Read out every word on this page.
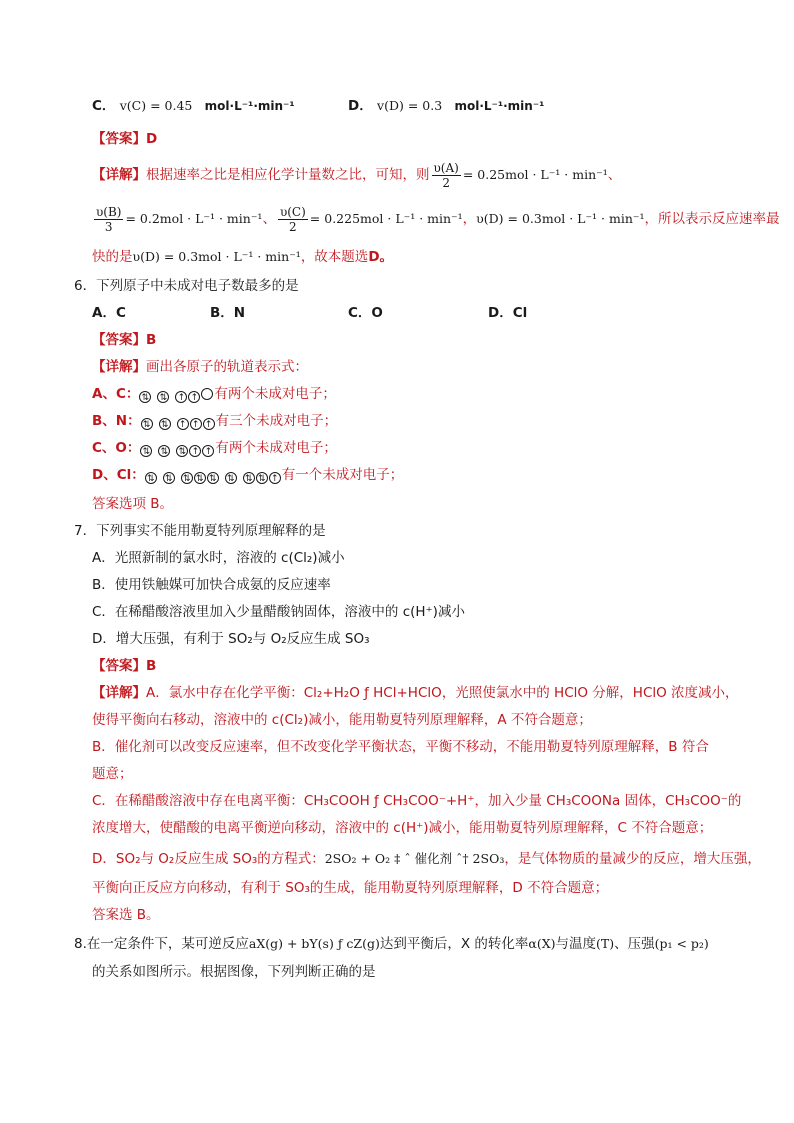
C． v(C) = 0.45 mol·L⁻¹·min⁻¹	D． v(D) = 0.3 mol·L⁻¹·min⁻¹
【答案】D
【详解】根据速率之比是相应化学计量数之比，可知，则 $\frac{\upsilon(A)}{2} = 0.25mol \cdot L^{-1} \cdot \min^{-1}$、
$\frac{\upsilon(B)}{3} = 0.2mol \cdot L^{-1} \cdot \min^{-1}$、 $\frac{\upsilon(C)}{2} = 0.225mol \cdot L^{-1} \cdot \min^{-1}$，υ(D) = 0.3mol · L⁻¹ · min⁻¹，所以表示反应速率最
快的是υ(D) = 0.3mol · L⁻¹ · min⁻¹，故本题选D。
6．下列原子中未成对电子数最多的是
A．C	B．N	C．O	D．Cl
【答案】B
【详解】画出各原子的轨道表示式：
A、C： ⇅ ⇅ ↑ ↑ 有两个未成对电子；
B、N： ⇅ ⇅ ↑ ↑ ↑ 有三个未成对电子；
C、O： ⇅ ⇅ ⇅ ↑ ↑ 有两个未成对电子；
D、Cl： ⇅ ⇅ ⇅ ⇅ ⇅ ⇅ ⇅ ⇅ ↑ 有一个未成对电子；
答案选项 B。
7．下列事实不能用勒夏特列原理解释的是
A．光照新制的氯水时，溶液的 c(Cl₂)减小
B．使用铁触媒可加快合成氨的反应速率
C．在稀醋酸溶液里加入少量醋酸钠固体，溶液中的 c(H⁺)减小
D．增大压强，有利于 SO₂与 O₂反应生成 SO₃
【答案】B
【详解】A．氯水中存在化学平衡：Cl₂+H₂O ƒ HCl+HClO，光照使氯水中的 HClO 分解，HClO 浓度减小，
使得平衡向右移动，溶液中的 c(Cl₂)减小，能用勒夏特列原理解释，A 不符合题意；
B．催化剂可以改变反应速率，但不改变化学平衡状态，平衡不移动，不能用勒夏特列原理解释，B 符合
题意；
C．在稀醋酸溶液中存在电离平衡：CH₃COOH ƒ CH₃COO⁻+H⁺，加入少量 CH₃COONa 固体，CH₃COO⁻的
浓度增大，使醋酸的电离平衡逆向移动，溶液中的 c(H⁺)减小，能用勒夏特列原理解释，C 不符合题意；
D．SO₂与 O₂反应生成 SO₃的方程式：2SO₂ + O₂ ‡ ˆ 催化剂 ˆ† 2SO₃，是气体物质的量减少的反应，增大压强，
平衡向正反应方向移动，有利于 SO₃的生成，能用勒夏特列原理解释，D 不符合题意；
答案选 B。
8.在一定条件下，某可逆反应aX(g) + bY(s) ƒ cZ(g)达到平衡后，X 的转化率α(X)与温度(T)、压强(p₁ < p₂)
的关系如图所示。根据图像，下列判断正确的是
